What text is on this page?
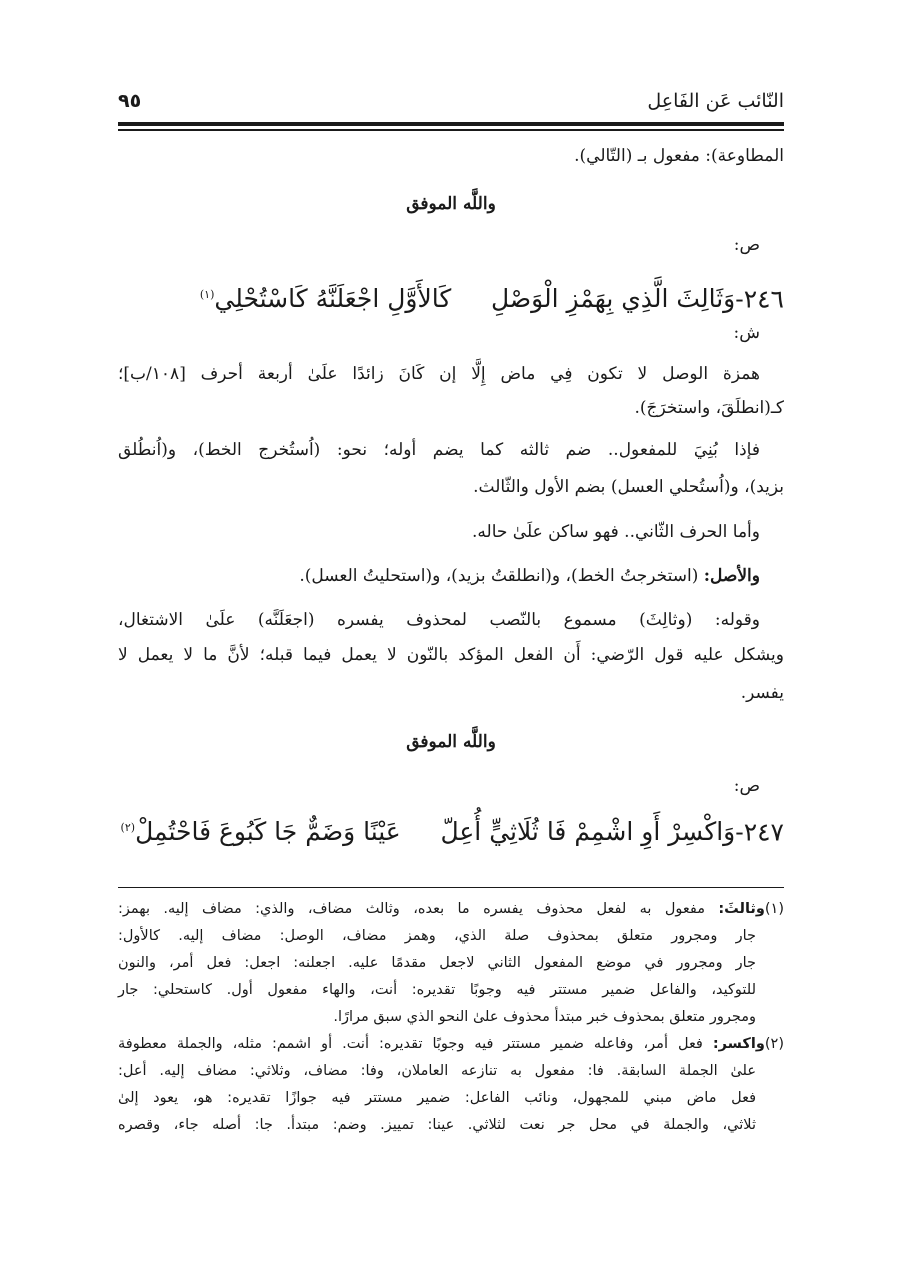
النّائب عَن الفَاعِل
٩٥
المطاوعة): مفعول بـ (التّالي).
واللَّه الموفق
ص:
٢٤٦-وَثَالِثَ الَّذِي بِهَمْزِ الْوَصْلِ     كَالأَوَّلِ اجْعَلَنَّهُ كَاسْتُحْلِي$^{(١)}$
ش:
همزة الوصل لا تكون فِي ماض إِلَّا إن كَانَ زائدًا علَىٰ أربعة أحرف [١٠٨/ب]؛
كـ(انطلَقَ، واستخرَجَ).
فإذا بُنِيَ للمفعول.. ضم ثالثه كما يضم أوله؛ نحو: (اُستُخرج الخط)، و(اُنطُلق
بزيد)، و(اُستُحلي العسل) بضم الأول والثّالث.
وأما الحرف الثّاني.. فهو ساكن علَىٰ حاله.
والأصل: (استخرجتُ الخط)، و(انطلقتُ بزيد)، و(استحليتُ العسل).
وقوله: (وثالِثَ) مسموع بالنّصب لمحذوف يفسره (اجعَلَنَّه) علَىٰ الاشتغال،
ويشكل عليه قول الرّضي: أَن الفعل المؤكد بالنّون لا يعمل فيما قبله؛ لأنَّ ما لا يعمل لا
يفسر.
واللَّه الموفق
ص:
٢٤٧-وَاكْسِرْ أَوِ اشْمِمْ فَا ثُلَاثِيٍّ أُعِلّ     عَيْنًا وَضَمٌّ جَا كَبُوعَ فَاحْتُمِلْ$^{(٢)}$
(١)وثالثَ: مفعول به لفعل محذوف يفسره ما بعده، وثالث مضاف، والذي: مضاف إليه. بهمز:
جار ومجرور متعلق بمحذوف صلة الذي، وهمز مضاف، الوصل: مضاف إليه. كالأول:
جار ومجرور في موضع المفعول الثاني لاجعل مقدمًا عليه. اجعلنه: اجعل: فعل أمر، والنون
للتوكيد، والفاعل ضمير مستتر فيه وجوبًا تقديره: أنت، والهاء مفعول أول. كاستحلي: جار
ومجرور متعلق بمحذوف خبر مبتدأ محذوف علىٰ النحو الذي سبق مرارًا.
(٢)واكسر: فعل أمر، وفاعله ضمير مستتر فيه وجوبًا تقديره: أنت. أو اشمم: مثله، والجملة معطوفة
علىٰ الجملة السابقة. فا: مفعول به تنازعه العاملان، وفا: مضاف، وثلاثي: مضاف إليه. أعل:
فعل ماض مبني للمجهول، ونائب الفاعل: ضمير مستتر فيه جوازًا تقديره: هو، يعود إلىٰ
ثلاثي، والجملة في محل جر نعت لثلاثي. عينا: تمييز. وضم: مبتدأ. جا: أصله جاء، وقصره
